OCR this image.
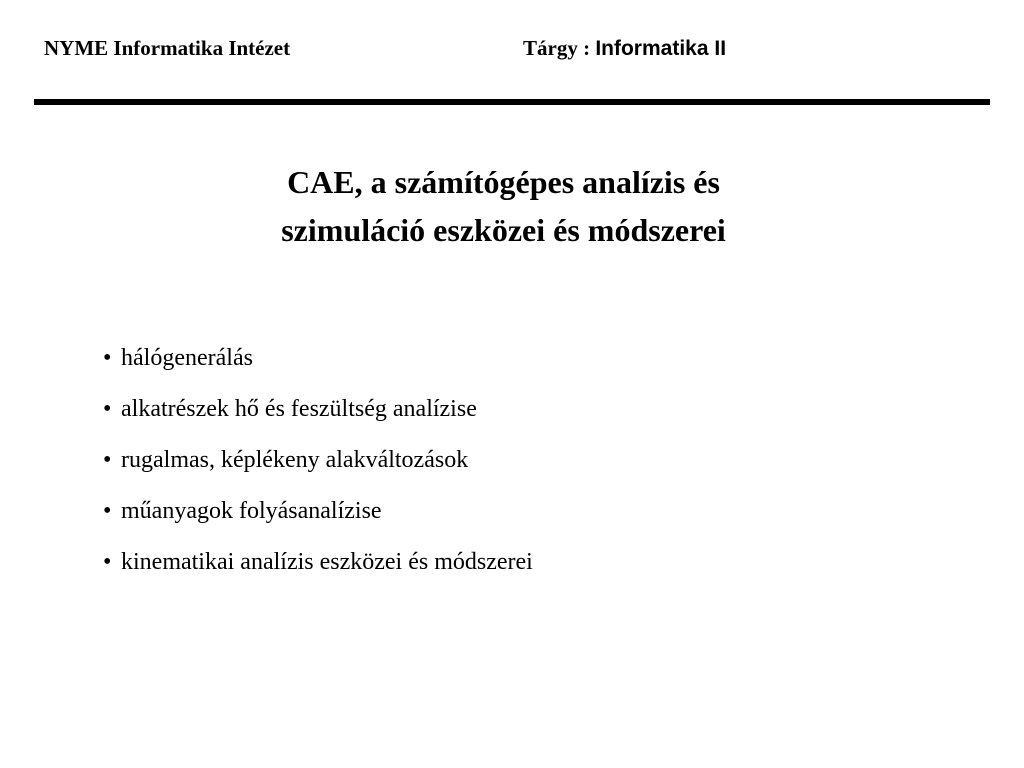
NYME Informatika Intézet	Tárgy : Informatika II
CAE, a számítógépes analízis és
szimuláció eszközei és módszerei
• hálógenerálás
• alkatrészek hő és feszültség analízise
• rugalmas, képlékeny alakváltozások
• műanyagok folyásanalízise
• kinematikai analízis eszközei és módszerei
